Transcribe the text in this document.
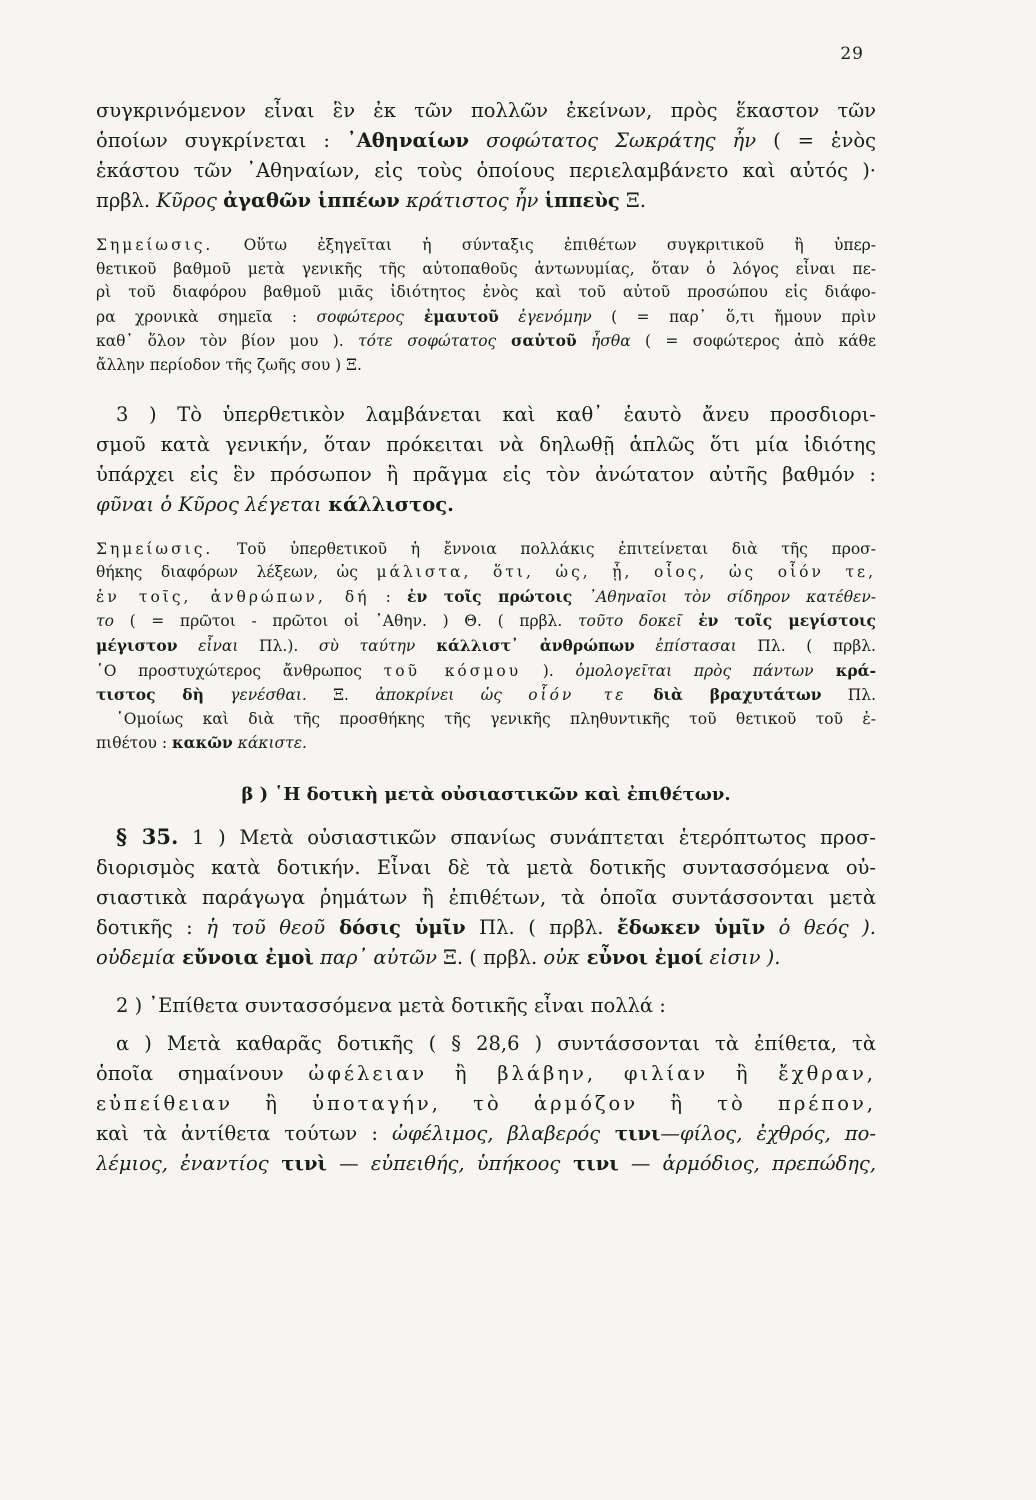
29
συγκρινόμενον εἶναι ἓν ἐκ τῶν πολλῶν ἐκείνων, πρὸς ἕκαστον τῶν
ὁποίων συγκρίνεται : ᾿Αθηναίων σοφώτατος Σωκράτης ἦν ( = ἑνὸς
ἑκάστου τῶν ᾿Αθηναίων, εἰς τοὺς ὁποίους περιελαμβάνετο καὶ αὐτός )·
πρβλ. Κῦρος ἀγαθῶν ἱππέων κράτιστος ἦν ἱππεὺς Ξ.
Σημείωσις. Οὕτω ἐξηγεῖται ἡ σύνταξις ἐπιθέτων συγκριτικοῦ ἢ ὑπερ-
θετικοῦ βαθμοῦ μετὰ γενικῆς τῆς αὐτοπαθοῦς ἀντωνυμίας, ὅταν ὁ λόγος εἶναι πε-
ρὶ τοῦ διαφόρου βαθμοῦ μιᾶς ἰδιότητος ἑνὸς καὶ τοῦ αὐτοῦ προσώπου εἰς διάφο-
ρα χρονικὰ σημεῖα : σοφώτερος ἐμαυτοῦ ἐγενόμην ( = παρ᾿ ὅ,τι ἤμουν πρὶν
καθ᾿ ὅλον τὸν βίον μου ). τότε σοφώτατος σαὑτοῦ ἦσθα ( = σοφώτερος ἀπὸ κάθε
ἄλλην περίοδον τῆς ζωῆς σου ) Ξ.
3 ) Τὸ ὑπερθετικὸν λαμβάνεται καὶ καθ᾿ ἑαυτὸ ἄνευ προσδιορι-
σμοῦ κατὰ γενικήν, ὅταν πρόκειται νὰ δηλωθῇ ἁπλῶς ὅτι μία ἰδιότης
ὑπάρχει εἰς ἓν πρόσωπον ἢ πρᾶγμα εἰς τὸν ἀνώτατον αὐτῆς βαθμόν :
φῦναι ὁ Κῦρος λέγεται κάλλιστος.
Σημείωσις. Τοῦ ὑπερθετικοῦ ἡ ἔννοια πολλάκις ἐπιτείνεται διὰ τῆς προσ-
θήκης διαφόρων λέξεων, ὡς μάλιστα, ὅτι, ὡς, ᾗ, οἷος, ὡς οἷόν τε,
ἐν τοῖς, ἀνθρώπων, δή : ἐν τοῖς πρώτοις ᾿Αθηναῖοι τὸν σίδηρον κατέθεν-
το ( = πρῶτοι - πρῶτοι οἱ ᾿Αθην. ) Θ. ( πρβλ. τοῦτο δοκεῖ ἐν τοῖς μεγίστοις
μέγιστον εἶναι Πλ.). σὺ ταύτην κάλλιστ᾿ ἀνθρώπων ἐπίστασαι Πλ. ( πρβλ.
῾Ο προστυχώτερος ἄνθρωπος τοῦ κόσμου ). ὁμολογεῖται πρὸς πάντων κρά-
τιστος δὴ γενέσθαι. Ξ. ἀποκρίνει ὡς οἷόν τε διὰ βραχυτάτων Πλ.
῾Ομοίως καὶ διὰ τῆς προσθήκης τῆς γενικῆς πληθυντικῆς τοῦ θετικοῦ τοῦ ἐ-
πιθέτου : κακῶν κάκιστε.
β ) ῾Η δοτικὴ μετὰ οὐσιαστικῶν καὶ ἐπιθέτων.
§ 35. 1 ) Μετὰ οὐσιαστικῶν σπανίως συνάπτεται ἑτερόπτωτος προσ-
διορισμὸς κατὰ δοτικήν. Εἶναι δὲ τὰ μετὰ δοτικῆς συντασσόμενα οὐ-
σιαστικὰ παράγωγα ῥημάτων ἢ ἐπιθέτων, τὰ ὁποῖα συντάσσονται μετὰ
δοτικῆς : ἡ τοῦ θεοῦ δόσις ὑμῖν Πλ. ( πρβλ. ἔδωκεν ὑμῖν ὁ θεός ).
οὐδεμία εὔνοια ἐμοὶ παρ᾿ αὐτῶν Ξ. ( πρβλ. οὐκ εὖνοι ἐμοί εἰσιν ).
2 ) ᾿Επίθετα συντασσόμενα μετὰ δοτικῆς εἶναι πολλά :
α ) Μετὰ καθαρᾶς δοτικῆς ( § 28,6 ) συντάσσονται τὰ ἐπίθετα, τὰ
ὁποῖα σημαίνουν ὠφέλειαν ἢ βλάβην, φιλίαν ἢ ἔχθραν,
εὐπείθειαν ἢ ὑποταγήν, τὸ ἁρμόζον ἢ τὸ πρέπον,
καὶ τὰ ἀντίθετα τούτων : ὠφέλιμος, βλαβερός τινι—φίλος, ἐχθρός, πο-
λέμιος, ἐναντίος τινὶ — εὐπειθής, ὑπήκοος τινι — ἁρμόδιος, πρεπώδης,
